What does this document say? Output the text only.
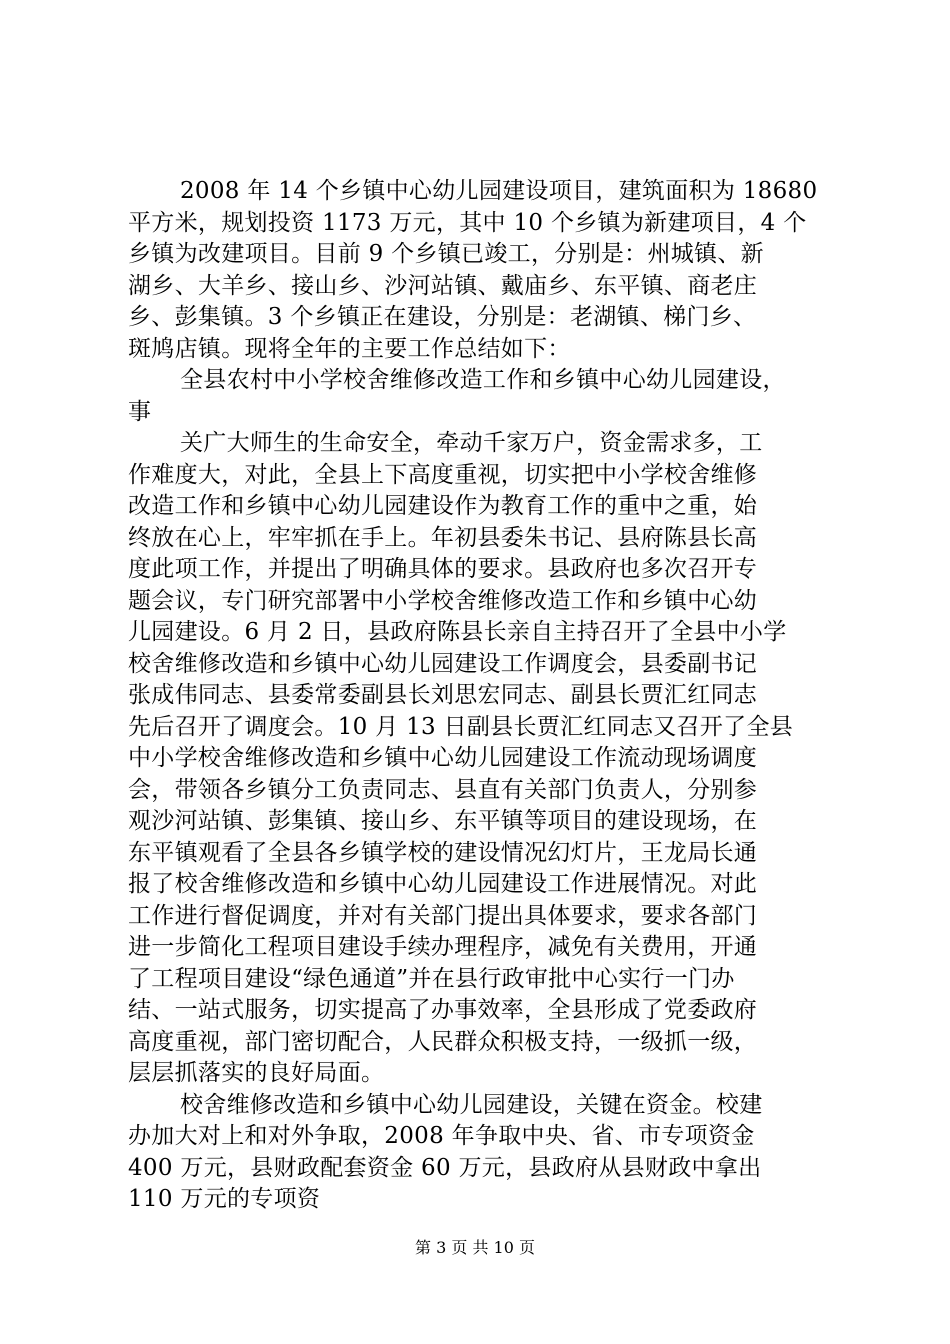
2008 年 14 个乡镇中心幼儿园建设项目，建筑面积为 18680
平方米，规划投资 1173 万元，其中 10 个乡镇为新建项目，4 个
乡镇为改建项目。目前 9 个乡镇已竣工，分别是：州城镇、新
湖乡、大羊乡、接山乡、沙河站镇、戴庙乡、东平镇、商老庄
乡、彭集镇。3 个乡镇正在建设，分别是：老湖镇、梯门乡、
斑鸠店镇。现将全年的主要工作总结如下：
全县农村中小学校舍维修改造工作和乡镇中心幼儿园建设，
事
关广大师生的生命安全，牵动千家万户，资金需求多，工
作难度大，对此，全县上下高度重视，切实把中小学校舍维修
改造工作和乡镇中心幼儿园建设作为教育工作的重中之重，始
终放在心上，牢牢抓在手上。年初县委朱书记、县府陈县长高
度此项工作，并提出了明确具体的要求。县政府也多次召开专
题会议，专门研究部署中小学校舍维修改造工作和乡镇中心幼
儿园建设。6 月 2 日，县政府陈县长亲自主持召开了全县中小学
校舍维修改造和乡镇中心幼儿园建设工作调度会，县委副书记
张成伟同志、县委常委副县长刘思宏同志、副县长贾汇红同志
先后召开了调度会。10 月 13 日副县长贾汇红同志又召开了全县
中小学校舍维修改造和乡镇中心幼儿园建设工作流动现场调度
会，带领各乡镇分工负责同志、县直有关部门负责人，分别参
观沙河站镇、彭集镇、接山乡、东平镇等项目的建设现场，在
东平镇观看了全县各乡镇学校的建设情况幻灯片，王龙局长通
报了校舍维修改造和乡镇中心幼儿园建设工作进展情况。对此
工作进行督促调度，并对有关部门提出具体要求，要求各部门
进一步简化工程项目建设手续办理程序，减免有关费用，开通
了工程项目建设“绿色通道”并在县行政审批中心实行一门办
结、一站式服务，切实提高了办事效率，全县形成了党委政府
高度重视，部门密切配合，人民群众积极支持，一级抓一级，
层层抓落实的良好局面。
校舍维修改造和乡镇中心幼儿园建设，关键在资金。校建
办加大对上和对外争取，2008 年争取中央、省、市专项资金
400 万元，县财政配套资金 60 万元，县政府从县财政中拿出
110 万元的专项资
第 3 页 共 10 页
